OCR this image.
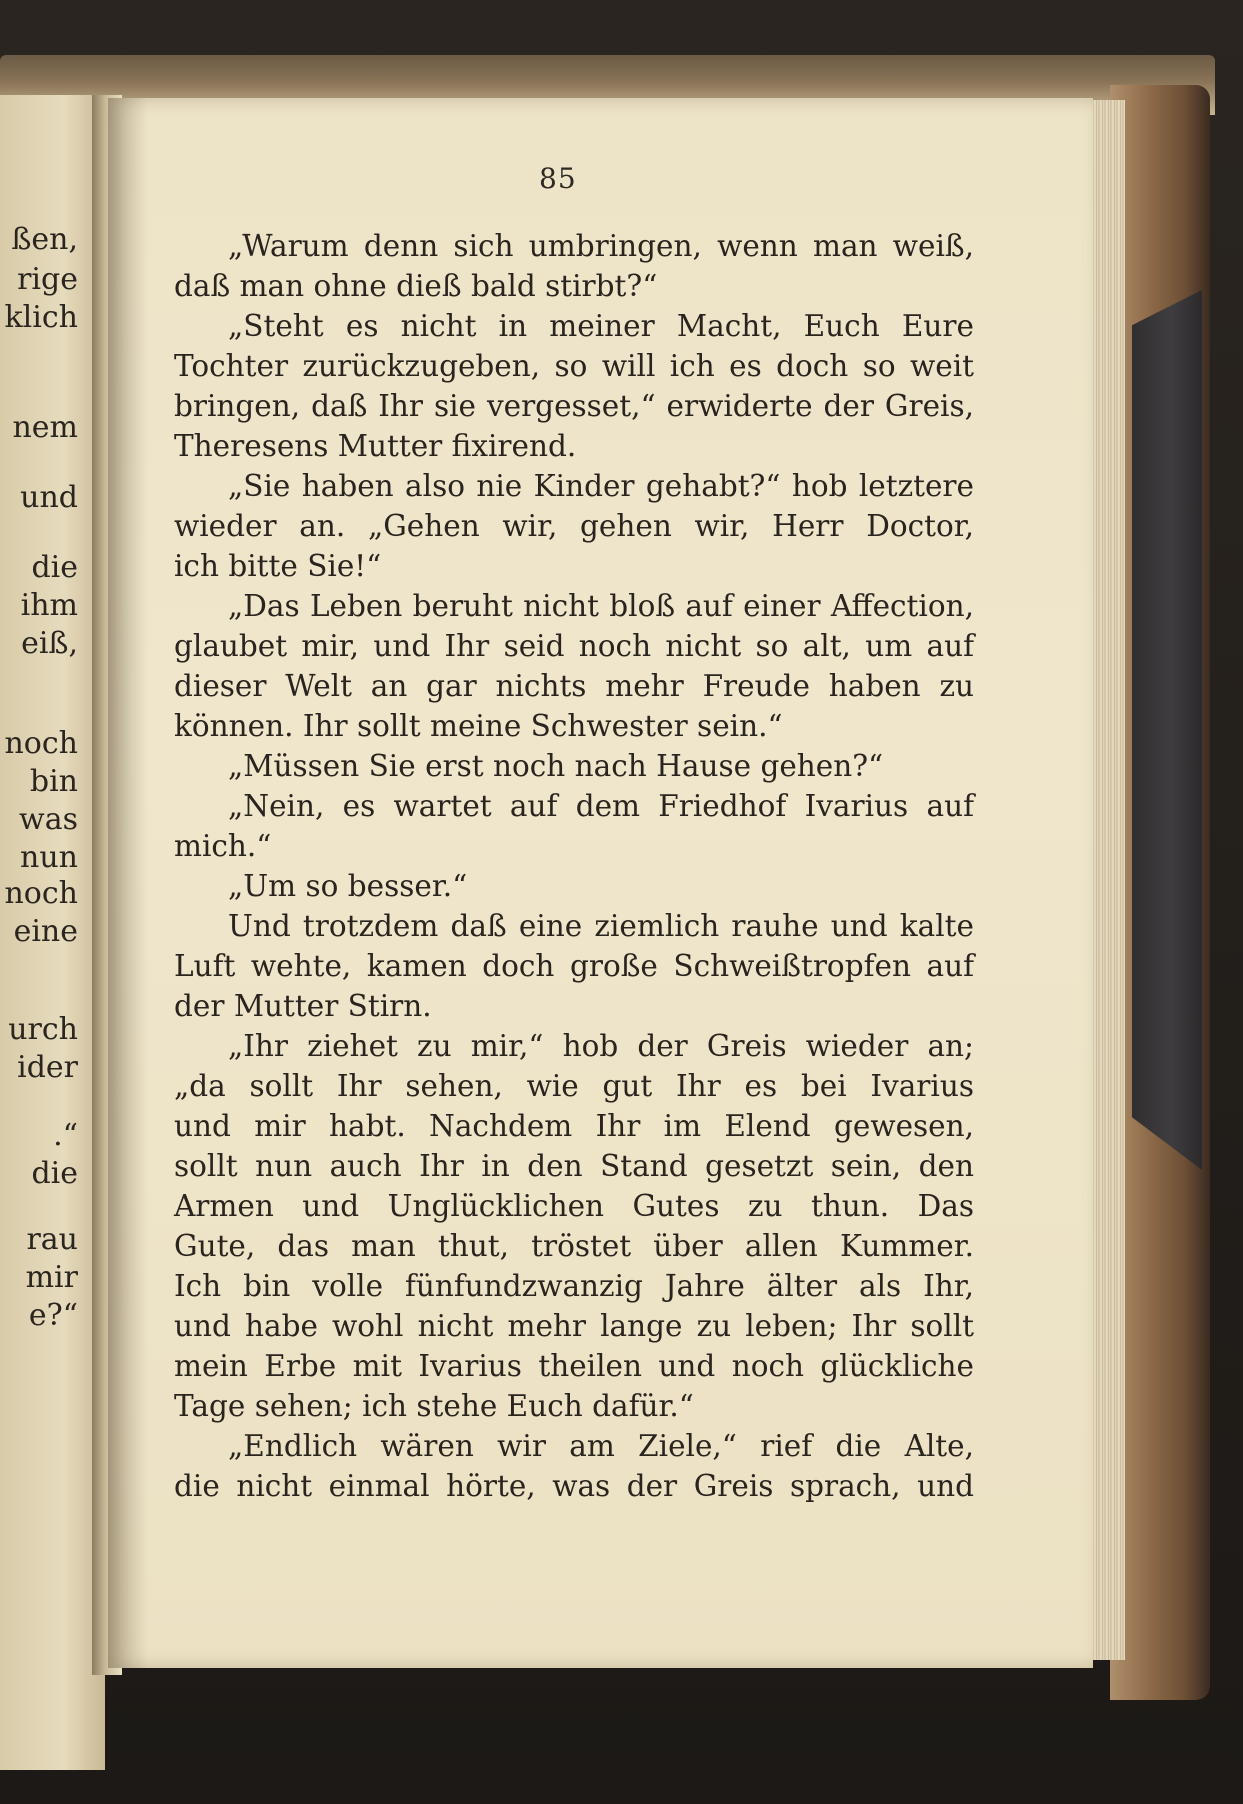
ßen,
rige
klich
nem
und
die
ihm
eiß,
noch
bin
was
nun
noch
eine
urch
ider
.“
die
rau
mir
e?“
85
„Warum denn sich umbringen, wenn man weiß,
daß man ohne dieß bald stirbt?“
„Steht es nicht in meiner Macht, Euch Eure
Tochter zurückzugeben, so will ich es doch so weit
bringen, daß Ihr sie vergesset,“ erwiderte der Greis,
Theresens Mutter fixirend.
„Sie haben also nie Kinder gehabt?“ hob letztere
wieder an. „Gehen wir, gehen wir, Herr Doctor,
ich bitte Sie!“
„Das Leben beruht nicht bloß auf einer Affection,
glaubet mir, und Ihr seid noch nicht so alt, um auf
dieser Welt an gar nichts mehr Freude haben zu
können. Ihr sollt meine Schwester sein.“
„Müssen Sie erst noch nach Hause gehen?“
„Nein, es wartet auf dem Friedhof Ivarius auf
mich.“
„Um so besser.“
Und trotzdem daß eine ziemlich rauhe und kalte
Luft wehte, kamen doch große Schweißtropfen auf
der Mutter Stirn.
„Ihr ziehet zu mir,“ hob der Greis wieder an;
„da sollt Ihr sehen, wie gut Ihr es bei Ivarius
und mir habt. Nachdem Ihr im Elend gewesen,
sollt nun auch Ihr in den Stand gesetzt sein, den
Armen und Unglücklichen Gutes zu thun. Das
Gute, das man thut, tröstet über allen Kummer.
Ich bin volle fünfundzwanzig Jahre älter als Ihr,
und habe wohl nicht mehr lange zu leben; Ihr sollt
mein Erbe mit Ivarius theilen und noch glückliche
Tage sehen; ich stehe Euch dafür.“
„Endlich wären wir am Ziele,“ rief die Alte,
die nicht einmal hörte, was der Greis sprach, und
